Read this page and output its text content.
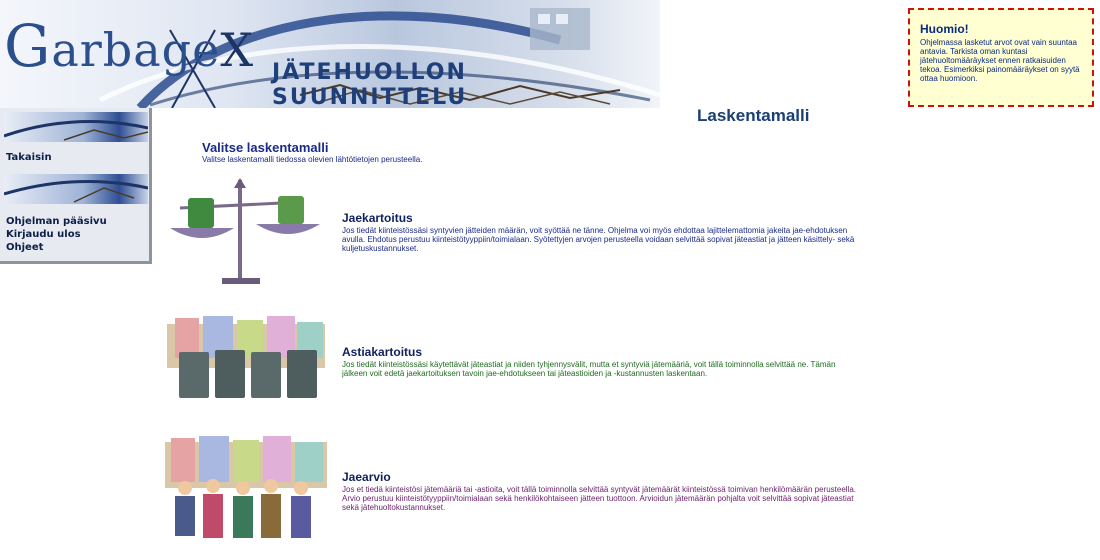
GarbageX JÄTEHUOLLON SUUNNITTELU
Takaisin
Ohjelman pääsivu
Kirjaudu ulos
Ohjeet
Laskentamalli
Valitse laskentamalli
Valitse laskentamalli tiedossa olevien lähtötietojen perusteella.
Jaekartoitus

Jos tiedät kiinteistössäsi syntyvien jätteiden määrän, voit syöttää ne tänne. Ohjelma voi myös ehdottaa lajittelemattomia jakeita jae-ehdotuksen avulla. Ehdotus perustuu kiinteistötyyppiin/toimialaan. Syötettyjen arvojen perusteella voidaan selvittää sopivat jäteastiat ja jätteen käsittely- sekä kuljetuskustannukset.

Astiakartoitus

Jos tiedät kiinteistössäsi käytettävät jäteastiat ja niiden tyhjennysvälit, mutta et syntyviä jätemääriä, voit tällä toiminnolla selvittää ne. Tämän jälkeen voit edetä jaekartoituksen tavoin jae-ehdotukseen tai jäteastioiden ja -kustannusten laskentaan.

Jaearvio

Jos et tiedä kiinteistösi jätemääriä tai -astioita, voit tällä toiminnolla selvittää syntyvät jätemäärät kiinteistössä toimivan henkilömäärän perusteella. Arvio perustuu kiinteistötyyppiin/toimialaan sekä henkilökohtaiseen jätteen tuottoon. Arvioidun jätemäärän pohjalta voit selvittää sopivat jäteastiat sekä jätehuoltokustannukset.

Huomio!
Ohjelmassa lasketut arvot ovat vain suuntaa antavia. Tarkista oman kuntasi jätehuoltomääräykset ennen ratkaisuiden tekoa. Esimerkiksi painomääräykset on syytä ottaa huomioon.
